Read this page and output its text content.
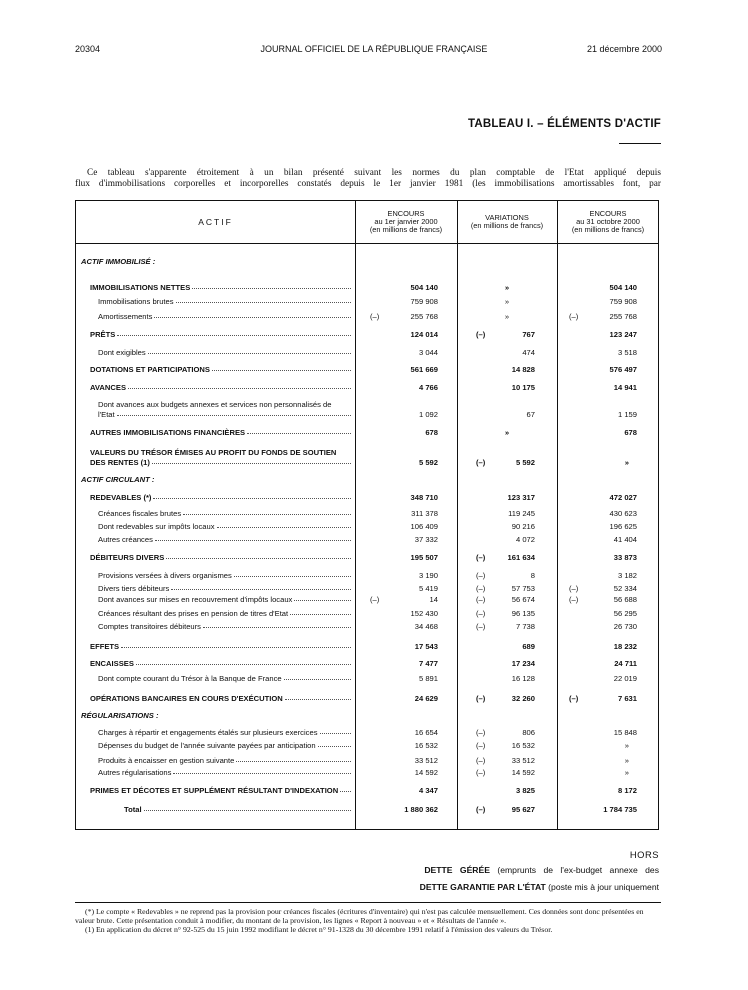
20304	JOURNAL OFFICIEL DE LA RÉPUBLIQUE FRANÇAISE	21 décembre 2000
TABLEAU I. – ÉLÉMENTS D'ACTIF
Ce tableau s'apparente étroitement à un bilan présenté suivant les normes du plan comptable de l'Etat appliqué depuis
flux d'immobilisations corporelles et incorporelles constatés depuis le 1er janvier 1981 (les immobilisations amortissables font, par
ACTIF
ENCOURS
au 1er janvier 2000
(en millions de francs)
VARIATIONS
(en millions de francs)
ENCOURS
au 31 octobre 2000
(en millions de francs)
ACTIF IMMOBILISÉ :
IMMOBILISATIONS NETTES	504 140	»	504 140
Immobilisations brutes	759 908	»	759 908
Amortissements	(–)	255 768	»	(–)	255 768
PRÊTS	124 014	(–)	767	123 247
Dont exigibles	3 044	474	3 518
DOTATIONS ET PARTICIPATIONS	561 669	14 828	576 497
AVANCES	4 766	10 175	14 941
Dont avances aux budgets annexes et services non personnalisés de
l'Etat	1 092	67	1 159
AUTRES IMMOBILISATIONS FINANCIÈRES	678	»	678
VALEURS DU TRÉSOR ÉMISES AU PROFIT DU FONDS DE SOUTIEN
DES RENTES (1)	5 592	(–)	5 592	»
ACTIF CIRCULANT :
REDEVABLES (*)	348 710	123 317	472 027
Créances fiscales brutes	311 378	119 245	430 623
Dont redevables sur impôts locaux	106 409	90 216	196 625
Autres créances	37 332	4 072	41 404
DÉBITEURS DIVERS	195 507	(–)	161 634	33 873
Provisions versées à divers organismes	3 190	(–)	8	3 182
Divers tiers débiteurs	5 419	(–)	57 753	(–)	52 334
Dont avances sur mises en recouvrement d'impôts locaux	(–)	14	(–)	56 674	(–)	56 688
Créances résultant des prises en pension de titres d'Etat	152 430	(–)	96 135	56 295
Comptes transitoires débiteurs	34 468	(–)	7 738	26 730
EFFETS	17 543	689	18 232
ENCAISSES	7 477	17 234	24 711
Dont compte courant du Trésor à la Banque de France	5 891	16 128	22 019
OPÉRATIONS BANCAIRES EN COURS D'EXÉCUTION	24 629	(–)	32 260	(–)	7 631
RÉGULARISATIONS :
Charges à répartir et engagements étalés sur plusieurs exercices	16 654	(–)	806	15 848
Dépenses du budget de l'année suivante payées par anticipation	16 532	(–)	16 532	»
Produits à encaisser en gestion suivante	33 512	(–)	33 512	»
Autres régularisations	14 592	(–)	14 592	»
PRIMES ET DÉCOTES ET SUPPLÉMENT RÉSULTANT D'INDEXATION	4 347	3 825	8 172
Total	1 880 362	(–)	95 627	1 784 735
HORS
DETTE GÉRÉE (emprunts de l'ex-budget annexe des
DETTE GARANTIE PAR L'ÉTAT (poste mis à jour uniquement
(*) Le compte « Redevables » ne reprend pas la provision pour créances fiscales (écritures d'inventaire) qui n'est pas calculée mensuellement. Ces données sont donc présentées en valeur brute. Cette présentation conduit à modifier, du montant de la provision, les lignes « Report à nouveau » et « Résultats de l'année ».
(1) En application du décret n° 92-525 du 15 juin 1992 modifiant le décret n° 91-1328 du 30 décembre 1991 relatif à l'émission des valeurs du Trésor.
